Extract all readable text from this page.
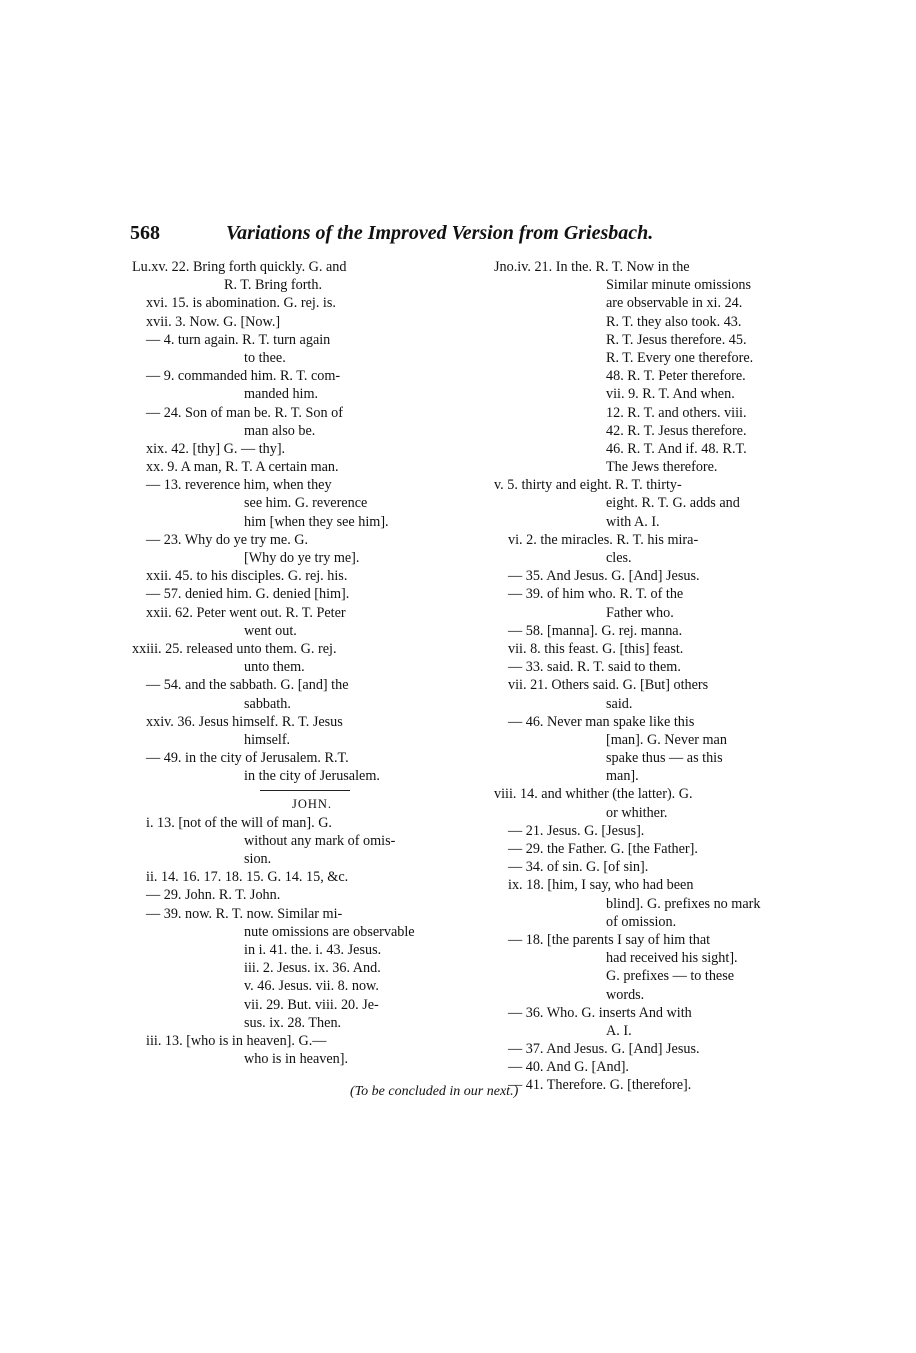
568	Variations of the Improved Version from Griesbach.
Lu.xv. 22. Bring forth quickly. G. and
R. T. Bring forth.
xvi. 15. is abomination. G. rej. is.
xvii. 3. Now. G. [Now.]
— 4. turn again. R. T. turn again
to thee.
— 9. commanded him. R. T. com-
manded him.
— 24. Son of man be. R. T. Son of
man also be.
xix. 42. [thy] G. — thy].
xx. 9. A man, R. T. A certain man.
— 13. reverence him, when they
see him. G. reverence
him [when they see him].
— 23. Why do ye try me. G.
[Why do ye try me].
xxii. 45. to his disciples. G. rej. his.
— 57. denied him. G. denied [him].
xxii. 62. Peter went out. R. T. Peter
went out.
xxiii. 25. released unto them. G. rej.
unto them.
— 54. and the sabbath. G. [and] the
sabbath.
xxiv. 36. Jesus himself. R. T. Jesus
himself.
— 49. in the city of Jerusalem. R.T.
in the city of Jerusalem.
JOHN.
i. 13. [not of the will of man]. G.
without any mark of omis-
sion.
ii. 14. 16. 17. 18. 15. G. 14. 15, &c.
— 29. John. R. T. John.
— 39. now. R. T. now. Similar mi-
nute omissions are observable
in i. 41. the. i. 43. Jesus.
iii. 2. Jesus. ix. 36. And.
v. 46. Jesus. vii. 8. now.
vii. 29. But. viii. 20. Je-
sus. ix. 28. Then.
iii. 13. [who is in heaven]. G.—
who is in heaven].
Jno.iv. 21. In the. R. T. Now in the
Similar minute omissions
are observable in xi. 24.
R. T. they also took. 43.
R. T. Jesus therefore. 45.
R. T. Every one therefore.
48. R. T. Peter therefore.
vii. 9. R. T. And when.
12. R. T. and others. viii.
42. R. T. Jesus therefore.
46. R. T. And if. 48. R.T.
The Jews therefore.
v. 5. thirty and eight. R. T. thirty-
eight. R. T. G. adds and
with A. I.
vi. 2. the miracles. R. T. his mira-
cles.
— 35. And Jesus. G. [And] Jesus.
— 39. of him who. R. T. of the
Father who.
— 58. [manna]. G. rej. manna.
vii. 8. this feast. G. [this] feast.
— 33. said. R. T. said to them.
vii. 21. Others said. G. [But] others
said.
— 46. Never man spake like this
[man]. G. Never man
spake thus — as this
man].
viii. 14. and whither (the latter). G.
or whither.
— 21. Jesus. G. [Jesus].
— 29. the Father. G. [the Father].
— 34. of sin. G. [of sin].
ix. 18. [him, I say, who had been
blind]. G. prefixes no mark
of omission.
— 18. [the parents I say of him that
had received his sight].
G. prefixes — to these
words.
— 36. Who. G. inserts And with
A. I.
— 37. And Jesus. G. [And] Jesus.
— 40. And G. [And].
— 41. Therefore. G. [therefore].
(To be concluded in our next.)
